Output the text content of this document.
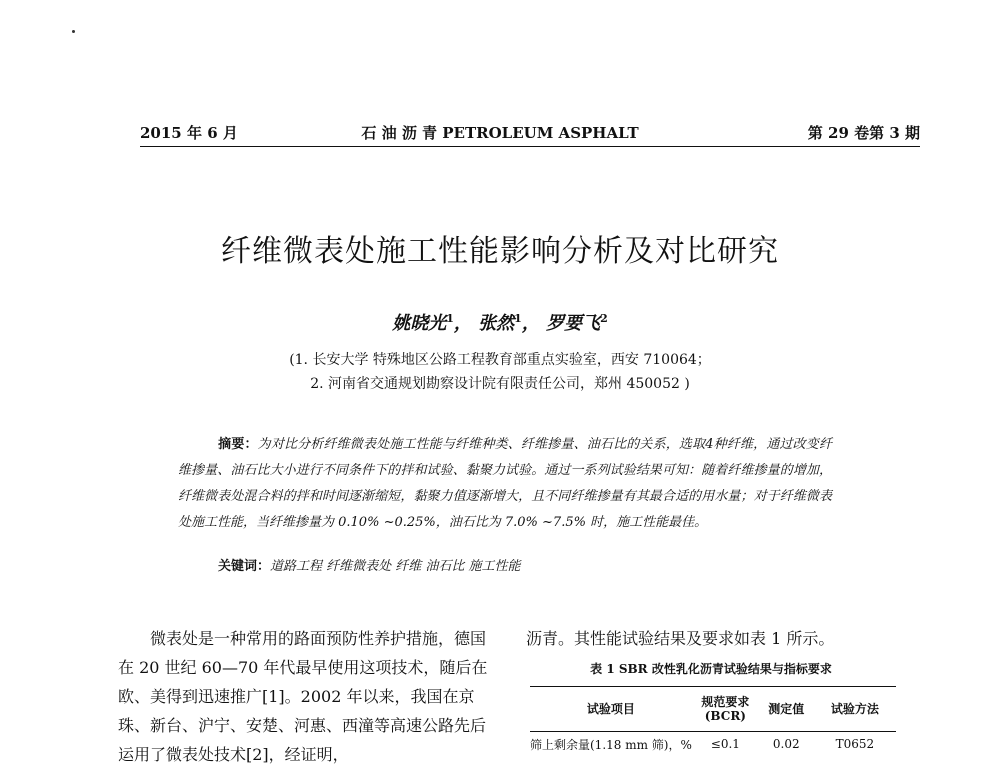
2015 年 6 月	石 油 沥 青 PETROLEUM ASPHALT	第 29 卷第 3 期
纤维微表处施工性能影响分析及对比研究
姚晓光$^1$， 张然$^1$， 罗要飞$^2$
(1. 长安大学 特殊地区公路工程教育部重点实验室，西安 710064；
2. 河南省交通规划勘察设计院有限责任公司，郑州 450052 )
摘要：为对比分析纤维微表处施工性能与纤维种类、纤维掺量、油石比的关系，选取4种纤维，通过改变纤维掺量、油石比大小进行不同条件下的拌和试验、黏聚力试验。通过一系列试验结果可知：随着纤维掺量的增加，纤维微表处混合料的拌和时间逐渐缩短，黏聚力值逐渐增大，且不同纤维掺量有其最合适的用水量；对于纤维微表处施工性能，当纤维掺量为 0.10% ~0.25%，油石比为 7.0% ~7.5% 时，施工性能最佳。
关键词：道路工程 纤维微表处 纤维 油石比 施工性能
微表处是一种常用的路面预防性养护措施，德国在 20 世纪 60—70 年代最早使用这项技术，随后在欧、美得到迅速推广[1]。2002 年以来，我国在京珠、新台、沪宁、安楚、河惠、西潼等高速公路先后运用了微表处技术[2]，经证明，
沥青。其性能试验结果及要求如表 1 所示。
表 1 SBR 改性乳化沥青试验结果与指标要求
试验项目	规范要求 (BCR)	测定值	试验方法
筛上剩余量(1.18 mm 筛)，%	≤0.1	0.02	T0652
